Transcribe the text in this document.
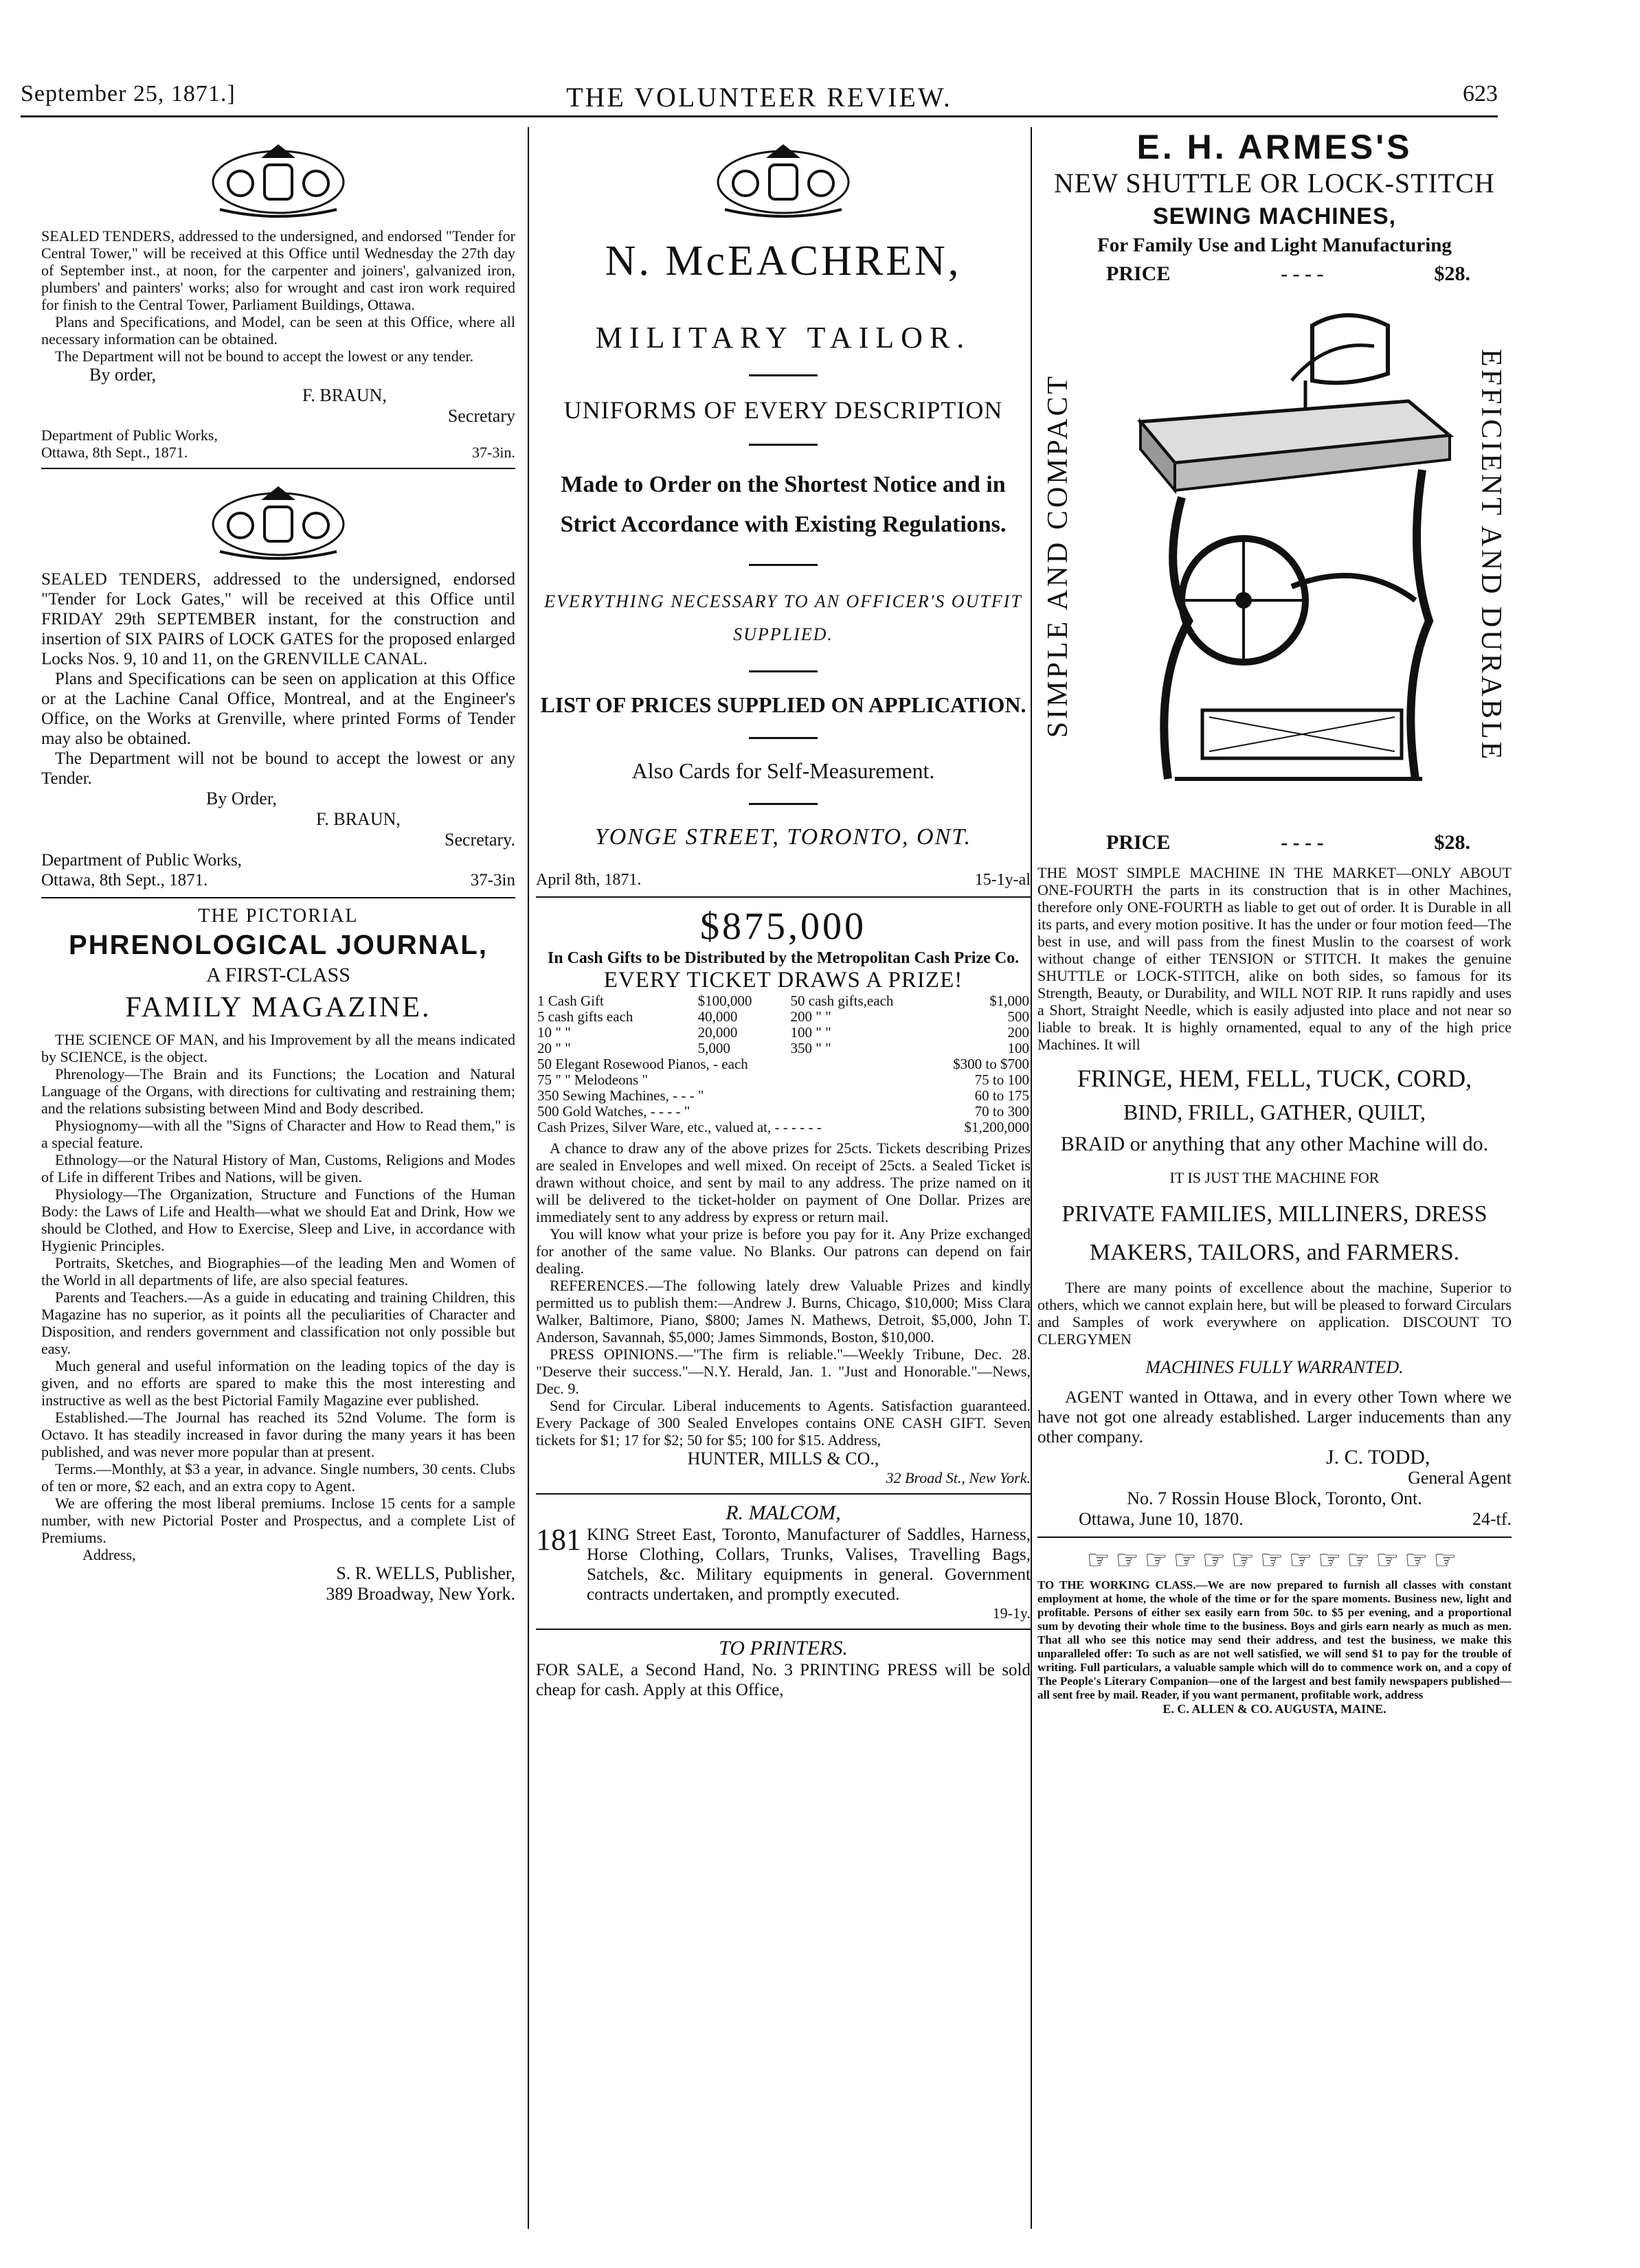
September 25, 1871.]	THE VOLUNTEER REVIEW.	623

SEALED TENDERS, addressed to the undersigned, and endorsed "Tender for Central Tower," will be received at this Office until Wednesday the 27th day of September inst., at noon, for the carpenter and joiners', galvanized iron, plumbers' and painters' works; also for wrought and cast iron work required for finish to the Central Tower, Parliament Buildings, Ottawa.

Plans and Specifications, and Model, can be seen at this Office, where all necessary information can be obtained.

The Department will not be bound to accept the lowest or any tender.

By order,

F. BRAUN,

Secretary

Department of Public Works,

Ottawa, 8th Sept., 1871.	37-3in.

SEALED TENDERS, addressed to the undersigned, endorsed "Tender for Lock Gates," will be received at this Office until FRIDAY 29th SEPTEMBER instant, for the construction and insertion of SIX PAIRS of LOCK GATES for the proposed enlarged Locks Nos. 9, 10 and 11, on the GRENVILLE CANAL.

Plans and Specifications can be seen on application at this Office or at the Lachine Canal Office, Montreal, and at the Engineer's Office, on the Works at Grenville, where printed Forms of Tender may also be obtained.

The Department will not be bound to accept the lowest or any Tender.

By Order,

F. BRAUN,

Secretary.

Department of Public Works,

Ottawa, 8th Sept., 1871.	37-3in

THE PICTORIAL

PHRENOLOGICAL JOURNAL,

A FIRST-CLASS

FAMILY MAGAZINE.

THE SCIENCE OF MAN, and his Improvement by all the means indicated by SCIENCE, is the object.

Phrenology—The Brain and its Functions; the Location and Natural Language of the Organs, with directions for cultivating and restraining them; and the relations subsisting between Mind and Body described.

Physiognomy—with all the "Signs of Character and How to Read them," is a special feature.

Ethnology—or the Natural History of Man, Customs, Religions and Modes of Life in different Tribes and Nations, will be given.

Physiology—The Organization, Structure and Functions of the Human Body: the Laws of Life and Health—what we should Eat and Drink, How we should be Clothed, and How to Exercise, Sleep and Live, in accordance with Hygienic Principles.

Portraits, Sketches, and Biographies—of the leading Men and Women of the World in all departments of life, are also special features.

Parents and Teachers.—As a guide in educating and training Children, this Magazine has no superior, as it points all the peculiarities of Character and Disposition, and renders government and classification not only possible but easy.

Much general and useful information on the leading topics of the day is given, and no efforts are spared to make this the most interesting and instructive as well as the best Pictorial Family Magazine ever published.

Established.—The Journal has reached its 52nd Volume. The form is Octavo. It has steadily increased in favor during the many years it has been published, and was never more popular than at present.

Terms.—Monthly, at $3 a year, in advance. Single numbers, 30 cents. Clubs of ten or more, $2 each, and an extra copy to Agent.

We are offering the most liberal premiums. Inclose 15 cents for a sample number, with new Pictorial Poster and Prospectus, and a complete List of Premiums.

Address,

S. R. WELLS, Publisher,

389 Broadway, New York.

N. McEACHREN,

MILITARY TAILOR.

UNIFORMS OF EVERY DESCRIPTION

Made to Order on the Shortest Notice and in Strict Accordance with Existing Regulations.

EVERYTHING NECESSARY TO AN OFFICER'S OUTFIT SUPPLIED.

LIST OF PRICES SUPPLIED ON APPLICATION.

Also Cards for Self-Measurement.

YONGE STREET, TORONTO, ONT.

April 8th, 1871.	15-1y-al

$875,000

In Cash Gifts to be Distributed by the Metropolitan Cash Prize Co.

EVERY TICKET DRAWS A PRIZE!

1 Cash Gift	$100,000	50 cash gifts,each	$1,000
5 cash gifts each	40,000	200 " "	500
10 " "	20,000	100 " "	200
20 " "	5,000	350 " "	100
50 Elegant Rosewood Pianos, - each	$300 to $700
75 " " Melodeons "	75 to 100
350 Sewing Machines, - - - "	60 to 175
500 Gold Watches, - - - - "	70 to 300
Cash Prizes, Silver Ware, etc., valued at, - - - - - -	$1,200,000

A chance to draw any of the above prizes for 25cts. Tickets describing Prizes are sealed in Envelopes and well mixed. On receipt of 25cts. a Sealed Ticket is drawn without choice, and sent by mail to any address. The prize named on it will be delivered to the ticket-holder on payment of One Dollar. Prizes are immediately sent to any address by express or return mail.

You will know what your prize is before you pay for it. Any Prize exchanged for another of the same value. No Blanks. Our patrons can depend on fair dealing.

REFERENCES.—The following lately drew Valuable Prizes and kindly permitted us to publish them:—Andrew J. Burns, Chicago, $10,000; Miss Clara Walker, Baltimore, Piano, $800; James N. Mathews, Detroit, $5,000, John T. Anderson, Savannah, $5,000; James Simmonds, Boston, $10,000.

PRESS OPINIONS.—"The firm is reliable."—Weekly Tribune, Dec. 28. "Deserve their success."—N.Y. Herald, Jan. 1. "Just and Honorable."—News, Dec. 9.

Send for Circular. Liberal inducements to Agents. Satisfaction guaranteed. Every Package of 300 Sealed Envelopes contains ONE CASH GIFT. Seven tickets for $1; 17 for $2; 50 for $5; 100 for $15. Address,

HUNTER, MILLS & CO.,

32 Broad St., New York.

R. MALCOM,

181 KING Street East, Toronto, Manufacturer of Saddles, Harness, Horse Clothing, Collars, Trunks, Valises, Travelling Bags, Satchels, &c. Military equipments in general. Government contracts undertaken, and promptly executed.

19-1y.

TO PRINTERS.

FOR SALE, a Second Hand, No. 3 PRINTING PRESS will be sold cheap for cash. Apply at this Office,

E. H. ARMES'S

NEW SHUTTLE OR LOCK-STITCH

SEWING MACHINES,

For Family Use and Light Manufacturing

SIMPLE AND COMPACT	EFFICIENT AND DURABLE
PRICE	- - - -	$28.
PRICE	- - - -	$28.

THE MOST SIMPLE MACHINE IN THE MARKET—ONLY ABOUT ONE-FOURTH the parts in its construction that is in other Machines, therefore only ONE-FOURTH as liable to get out of order. It is Durable in all its parts, and every motion positive. It has the under or four motion feed—The best in use, and will pass from the finest Muslin to the coarsest of work without change of either TENSION or STITCH. It makes the genuine SHUTTLE or LOCK-STITCH, alike on both sides, so famous for its Strength, Beauty, or Durability, and WILL NOT RIP. It runs rapidly and uses a Short, Straight Needle, which is easily adjusted into place and not near so liable to break. It is highly ornamented, equal to any of the high price Machines. It will

FRINGE, HEM, FELL, TUCK, CORD,

BIND, FRILL, GATHER, QUILT,

BRAID or anything that any other Machine will do.

IT IS JUST THE MACHINE FOR

PRIVATE FAMILIES, MILLINERS, DRESS MAKERS, TAILORS, and FARMERS.

There are many points of excellence about the machine, Superior to others, which we cannot explain here, but will be pleased to forward Circulars and Samples of work everywhere on application. DISCOUNT TO CLERGYMEN

MACHINES FULLY WARRANTED.

AGENT wanted in Ottawa, and in every other Town where we have not got one already established. Larger inducements than any other company.

J. C. TODD,

General Agent

No. 7 Rossin House Block, Toronto, Ont.

Ottawa, June 10, 1870.	24-tf.
☞☞☞☞☞☞☞☞☞☞☞☞☞

TO THE WORKING CLASS.—We are now prepared to furnish all classes with constant employment at home, the whole of the time or for the spare moments. Business new, light and profitable. Persons of either sex easily earn from 50c. to $5 per evening, and a proportional sum by devoting their whole time to the business. Boys and girls earn nearly as much as men. That all who see this notice may send their address, and test the business, we make this unparalleled offer: To such as are not well satisfied, we will send $1 to pay for the trouble of writing. Full particulars, a valuable sample which will do to commence work on, and a copy of The People's Literary Companion—one of the largest and best family newspapers published—all sent free by mail. Reader, if you want permanent, profitable work, address

E. C. ALLEN & CO. AUGUSTA, MAINE.
